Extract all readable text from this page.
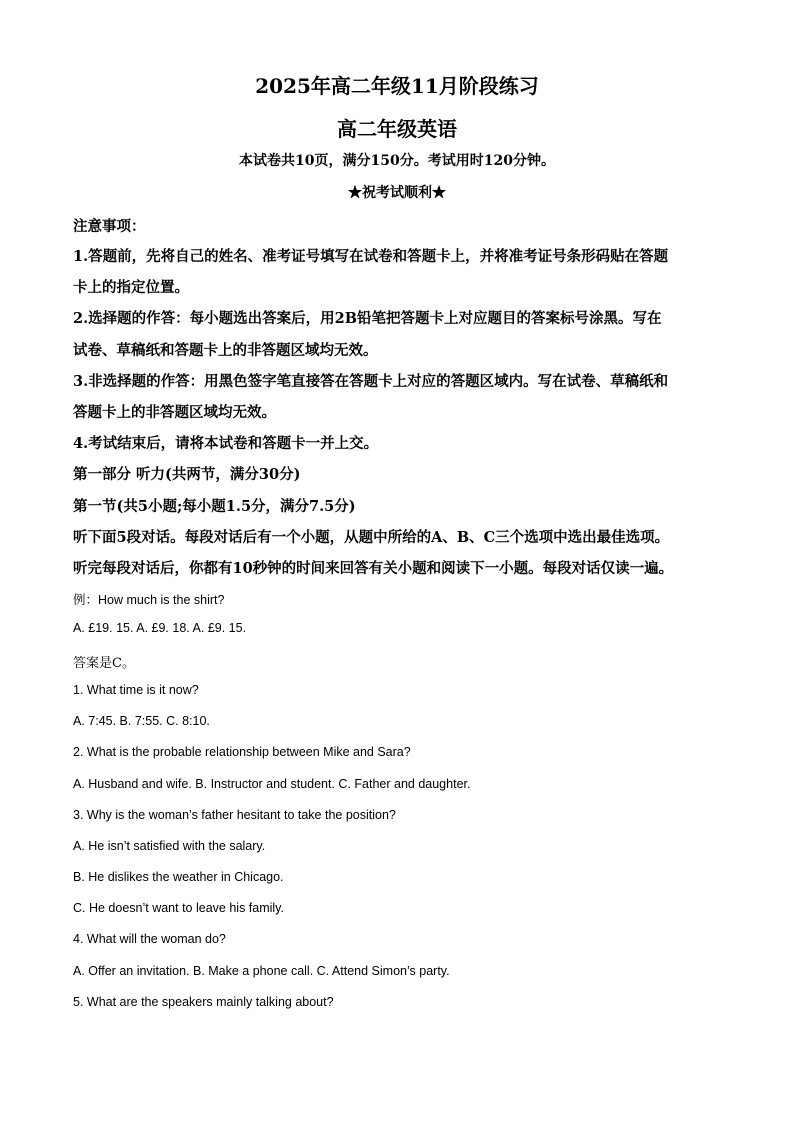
2025年高二年级11月阶段练习
高二年级英语
本试卷共10页，满分150分。考试用时120分钟。
★祝考试顺利★
注意事项：
1.答题前，先将自己的姓名、准考证号填写在试卷和答题卡上，并将准考证号条形码贴在答题
卡上的指定位置。
2.选择题的作答：每小题选出答案后，用2B铅笔把答题卡上对应题目的答案标号涂黑。写在
试卷、草稿纸和答题卡上的非答题区域均无效。
3.非选择题的作答：用黑色签字笔直接答在答题卡上对应的答题区域内。写在试卷、草稿纸和
答题卡上的非答题区域均无效。
4.考试结束后，请将本试卷和答题卡一并上交。
第一部分 听力(共两节，满分30分)
第一节(共5小题;每小题1.5分，满分7.5分)
听下面5段对话。每段对话后有一个小题，从题中所给的A、B、C三个选项中选出最佳选项。
听完每段对话后，你都有10秒钟的时间来回答有关小题和阅读下一小题。每段对话仅读一遍。
例：How much is the shirt?
A. £19. 15. A. £9. 18. A. £9. 15.
答案是C。
1. What time is it now?
A. 7:45. B. 7:55. C. 8:10.
2. What is the probable relationship between Mike and Sara?
A. Husband and wife. B. Instructor and student. C. Father and daughter.
3. Why is the woman’s father hesitant to take the position?
A. He isn’t satisfied with the salary.
B. He dislikes the weather in Chicago.
C. He doesn’t want to leave his family.
4. What will the woman do?
A. Offer an invitation. B. Make a phone call. C. Attend Simon’s party.
5. What are the speakers mainly talking about?
